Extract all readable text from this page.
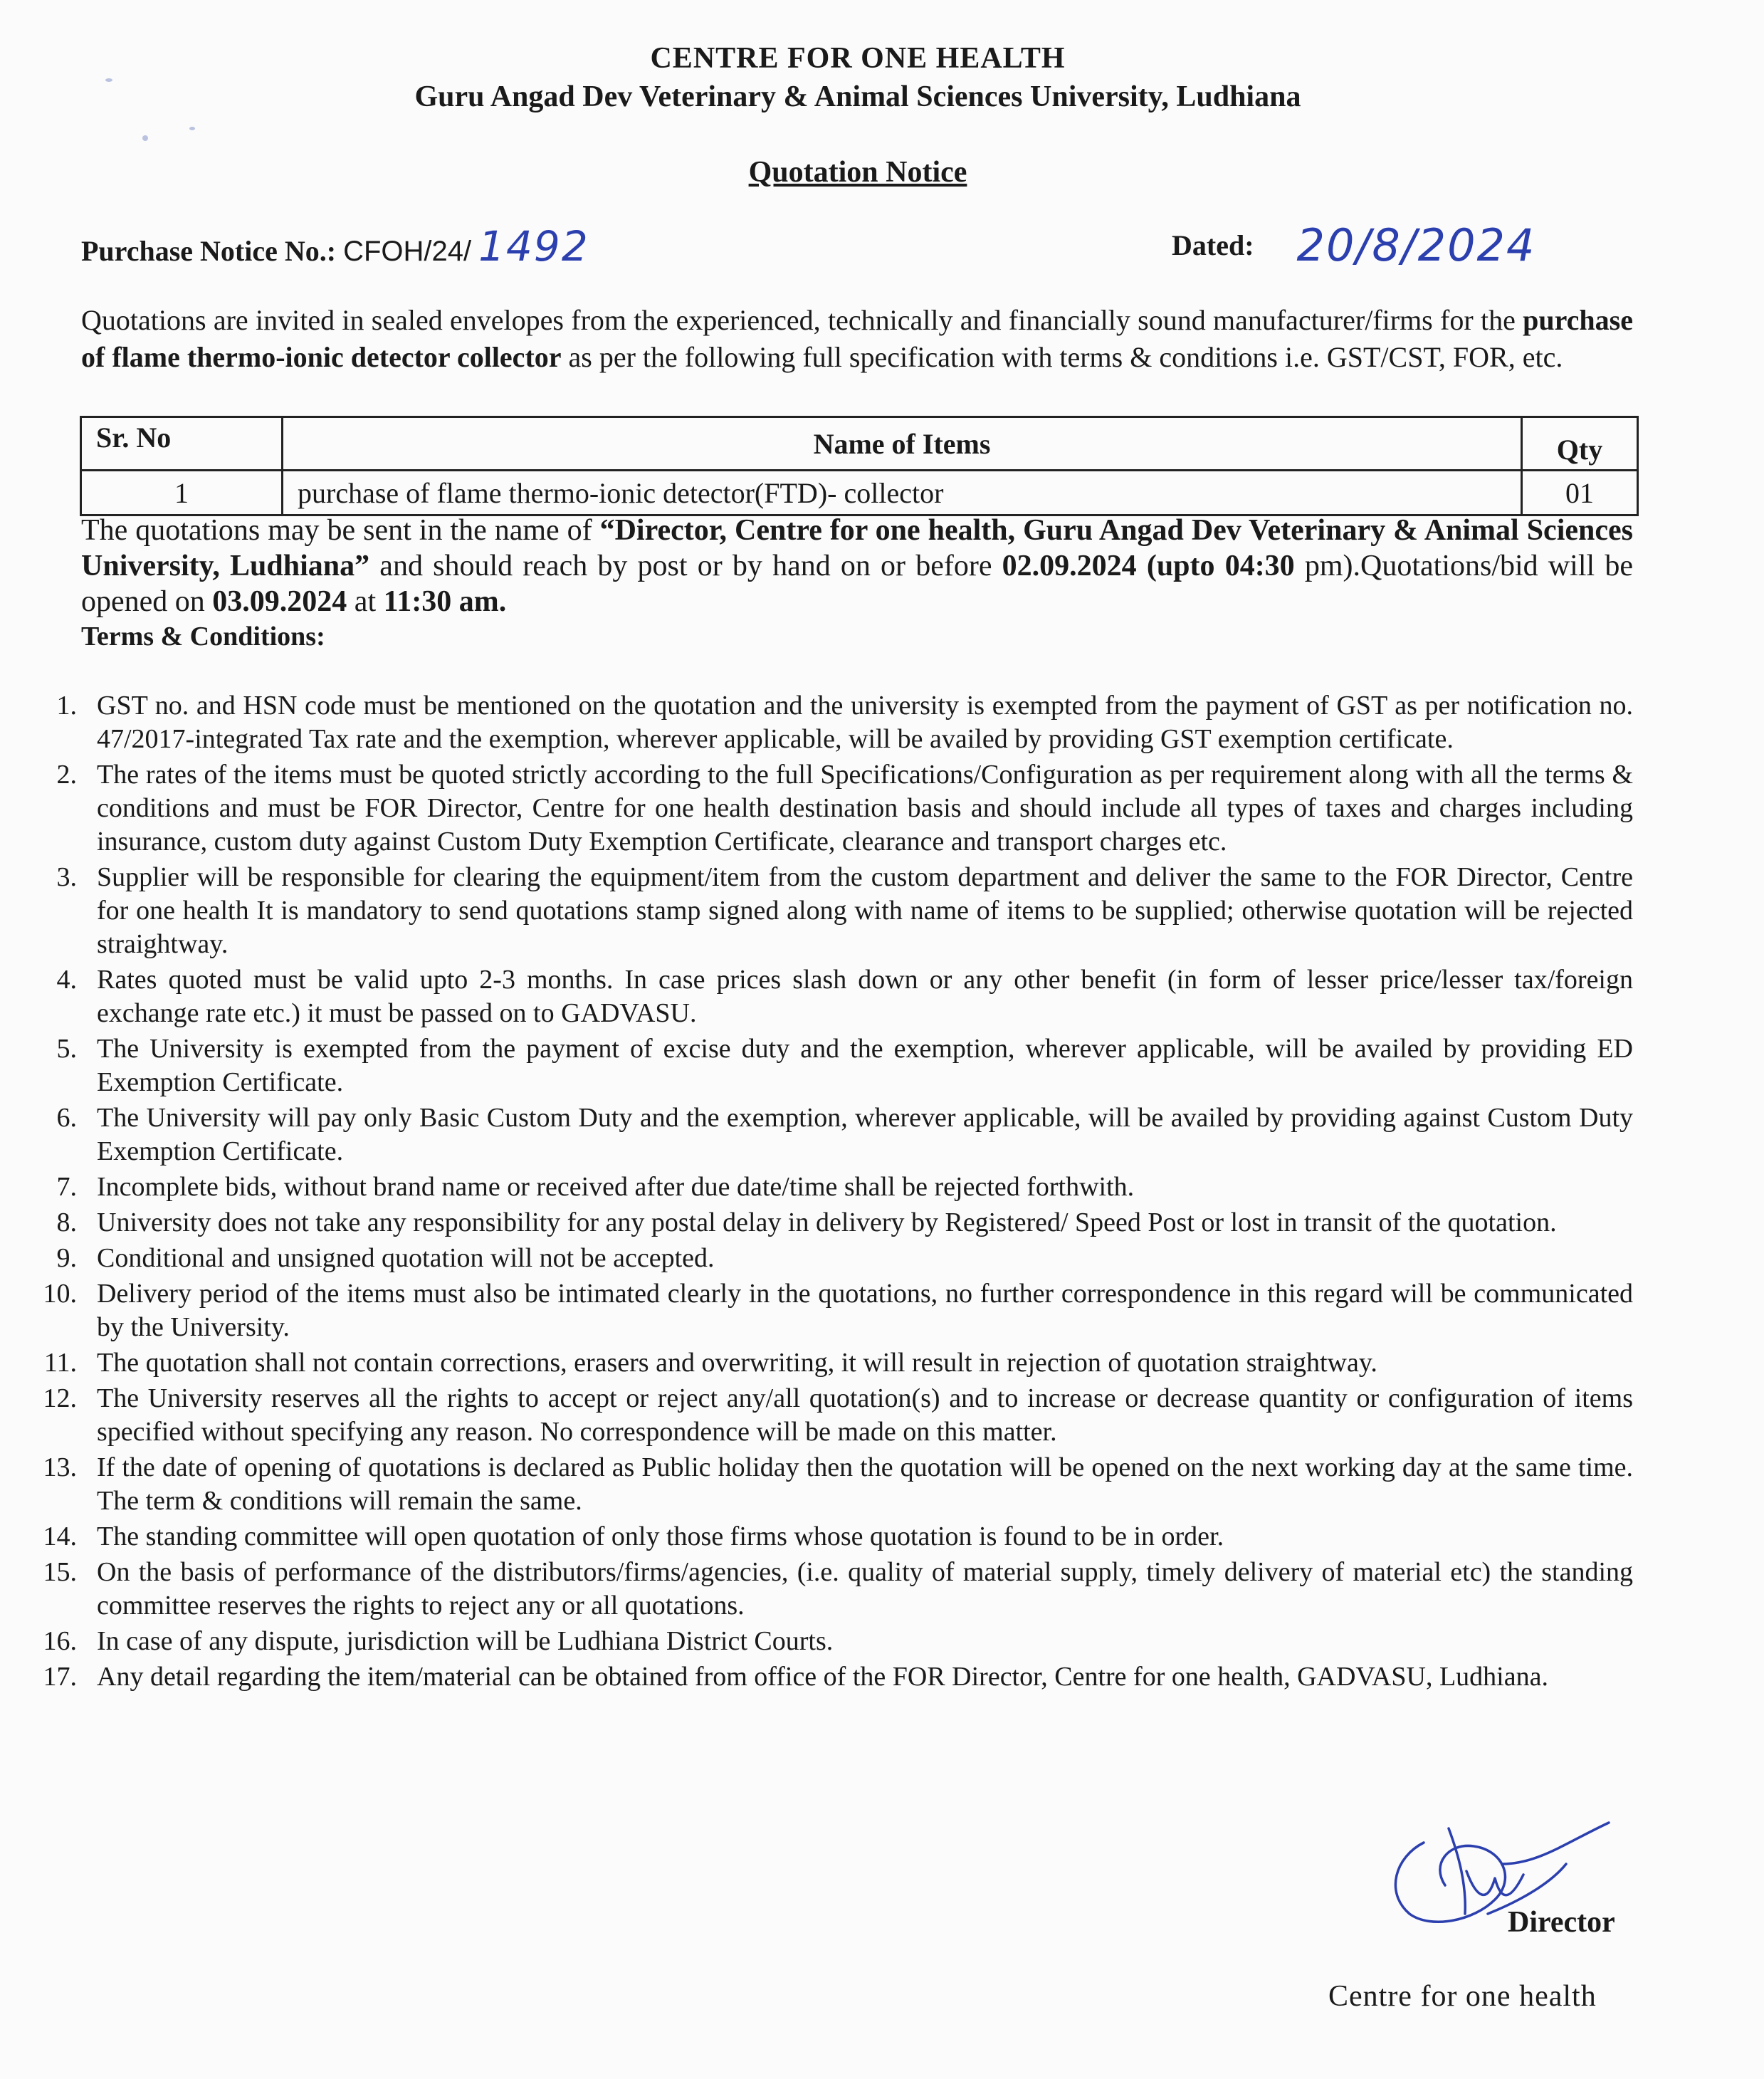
CENTRE FOR ONE HEALTH
Guru Angad Dev Veterinary & Animal Sciences University, Ludhiana
Quotation Notice
Purchase Notice No.: CFOH/24/ 1492	Dated: 20/8/2024
Quotations are invited in sealed envelopes from the experienced, technically and financially sound manufacturer/firms for the purchase of flame thermo-ionic detector collector as per the following full specification with terms & conditions i.e. GST/CST, FOR, etc.
Sr. No	Name of Items	Qty
1	purchase of flame thermo-ionic detector(FTD)- collector	01
The quotations may be sent in the name of “Director, Centre for one health, Guru Angad Dev Veterinary & Animal Sciences University, Ludhiana” and should reach by post or by hand on or before 02.09.2024 (upto 04:30 pm).Quotations/bid will be opened on 03.09.2024 at 11:30 am.
Terms & Conditions:
1. GST no. and HSN code must be mentioned on the quotation and the university is exempted from the payment of GST as per notification no. 47/2017-integrated Tax rate and the exemption, wherever applicable, will be availed by providing GST exemption certificate.
2. The rates of the items must be quoted strictly according to the full Specifications/Configuration as per requirement along with all the terms & conditions and must be FOR Director, Centre for one health destination basis and should include all types of taxes and charges including insurance, custom duty against Custom Duty Exemption Certificate, clearance and transport charges etc.
3. Supplier will be responsible for clearing the equipment/item from the custom department and deliver the same to the FOR Director, Centre for one health It is mandatory to send quotations stamp signed along with name of items to be supplied; otherwise quotation will be rejected straightway.
4. Rates quoted must be valid upto 2-3 months. In case prices slash down or any other benefit (in form of lesser price/lesser tax/foreign exchange rate etc.) it must be passed on to GADVASU.
5. The University is exempted from the payment of excise duty and the exemption, wherever applicable, will be availed by providing ED Exemption Certificate.
6. The University will pay only Basic Custom Duty and the exemption, wherever applicable, will be availed by providing against Custom Duty Exemption Certificate.
7. Incomplete bids, without brand name or received after due date/time shall be rejected forthwith.
8. University does not take any responsibility for any postal delay in delivery by Registered/ Speed Post or lost in transit of the quotation.
9. Conditional and unsigned quotation will not be accepted.
10. Delivery period of the items must also be intimated clearly in the quotations, no further correspondence in this regard will be communicated by the University.
11. The quotation shall not contain corrections, erasers and overwriting, it will result in rejection of quotation straightway.
12. The University reserves all the rights to accept or reject any/all quotation(s) and to increase or decrease quantity or configuration of items specified without specifying any reason. No correspondence will be made on this matter.
13. If the date of opening of quotations is declared as Public holiday then the quotation will be opened on the next working day at the same time. The term & conditions will remain the same.
14. The standing committee will open quotation of only those firms whose quotation is found to be in order.
15. On the basis of performance of the distributors/firms/agencies, (i.e. quality of material supply, timely delivery of material etc) the standing committee reserves the rights to reject any or all quotations.
16. In case of any dispute, jurisdiction will be Ludhiana District Courts.
17. Any detail regarding the item/material can be obtained from office of the FOR Director, Centre for one health, GADVASU, Ludhiana.
Director
Centre for one health
